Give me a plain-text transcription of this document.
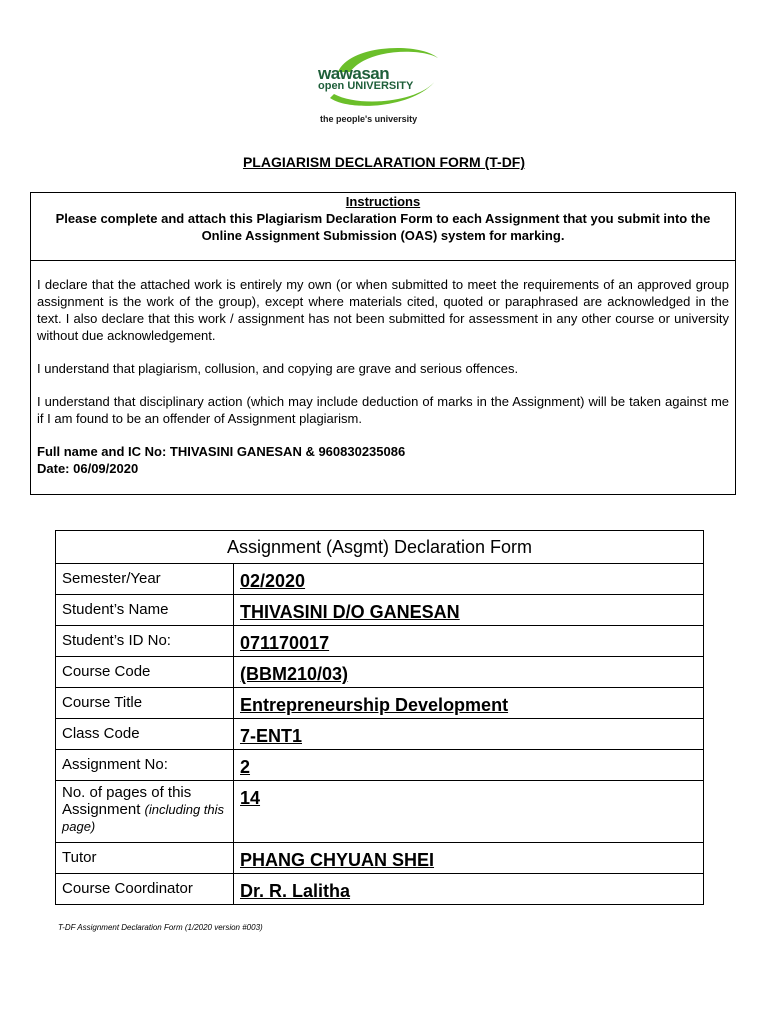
wawasan
open UNIVERSITY
the people's university
PLAGIARISM DECLARATION FORM (T-DF)
Instructions
Please complete and attach this Plagiarism Declaration Form to each Assignment that you submit into the Online Assignment Submission (OAS) system for marking.

I declare that the attached work is entirely my own (or when submitted to meet the requirements of an approved group assignment is the work of the group), except where materials cited, quoted or paraphrased are acknowledged in the text. I also declare that this work / assignment has not been submitted for assessment in any other course or university without due acknowledgement.

I understand that plagiarism, collusion, and copying are grave and serious offences.

I understand that disciplinary action (which may include deduction of marks in the Assignment) will be taken against me if I am found to be an offender of Assignment plagiarism.

Full name and IC No: THIVASINI GANESAN & 960830235086

Date: 06/09/2020

Assignment (Asgmt) Declaration Form	
Semester/Year	02/2020
Student’s Name	THIVASINI D/O GANESAN
Student’s ID No:	071170017
Course Code	(BBM210/03)
Course Title	Entrepreneurship Development
Class Code	7-ENT1
Assignment No:	2
No. of pages of this Assignment (including this page)	14
Tutor	PHANG CHYUAN SHEI
Course Coordinator	Dr. R. Lalitha
T-DF Assignment Declaration Form (1/2020 version #003)
